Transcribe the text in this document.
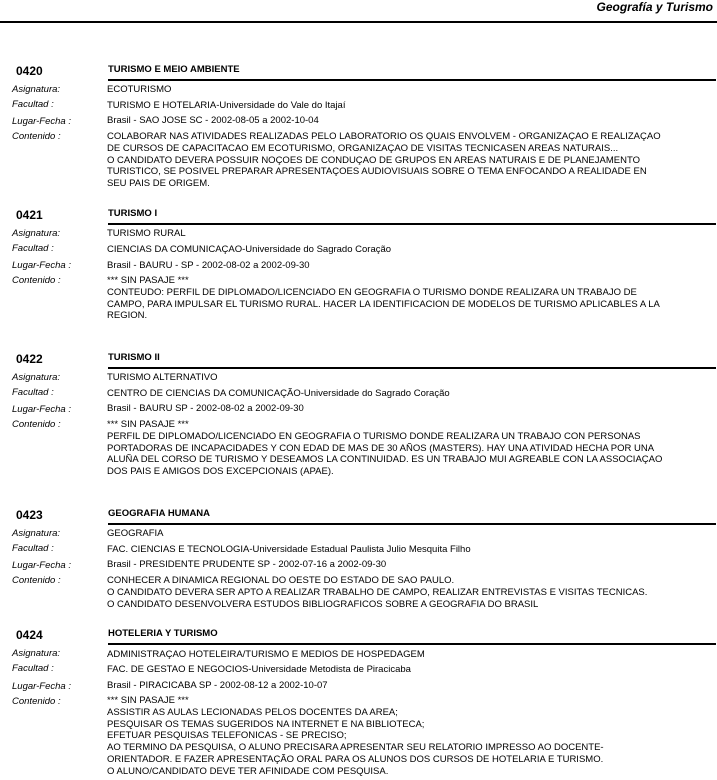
Geografía y Turismo
0420	TURISMO E MEIO AMBIENTE
Asignatura:	ECOTURISMO
Facultad :	TURISMO E HOTELARIA-Universidade do Vale do Itajaí
Lugar-Fecha :	Brasil - SAO JOSE SC - 2002-08-05 a 2002-10-04
Contenido :	COLABORAR NAS ATIVIDADES REALIZADAS PELO LABORATORIO OS QUAIS ENVOLVEM - ORGANIZAÇAO E REALIZAÇAO
DE CURSOS DE CAPACITACAO EM ECOTURISMO, ORGANIZAÇAO DE VISITAS TECNICASEN AREAS NATURAIS...
O CANDIDATO DEVERA POSSUIR NOÇOES DE CONDUÇAO DE GRUPOS EN AREAS NATURAIS E DE PLANEJAMENTO
TURISTICO, SE POSIVEL PREPARAR APRESENTAÇOES AUDIOVISUAIS SOBRE O TEMA ENFOCANDO A REALIDADE EN
SEU PAIS DE ORIGEM.
0421	TURISMO I
Asignatura:	TURISMO RURAL
Facultad :	CIENCIAS DA COMUNICAÇAO-Universidade do Sagrado Coração
Lugar-Fecha :	Brasil - BAURU - SP - 2002-08-02 a 2002-09-30
Contenido :	*** SIN PASAJE ***
CONTEUDO: PERFIL DE DIPLOMADO/LICENCIADO EN GEOGRAFIA O TURISMO DONDE REALIZARA UN TRABAJO DE
CAMPO, PARA IMPULSAR EL TURISMO RURAL. HACER LA IDENTIFICACION DE MODELOS DE TURISMO APLICABLES A LA
REGION.
0422	TURISMO II
Asignatura:	TURISMO ALTERNATIVO
Facultad :	CENTRO DE CIENCIAS DA COMUNICAÇÃO-Universidade do Sagrado Coração
Lugar-Fecha :	Brasil - BAURU SP - 2002-08-02 a 2002-09-30
Contenido :	*** SIN PASAJE ***
PERFIL DE DIPLOMADO/LICENCIADO EN GEOGRAFIA O TURISMO DONDE REALIZARA UN TRABAJO CON PERSONAS
PORTADORAS DE INCAPACIDADES Y CON EDAD DE MAS DE 30 AÑOS (MASTERS). HAY UNA ATIVIDAD HECHA POR UNA
ALUÑA DEL CORSO DE TURISMO Y DESEAMOS LA CONTINUIDAD. ES UN TRABAJO MUI AGREABLE CON LA ASSOCIAÇAO
DOS PAIS E AMIGOS DOS EXCEPCIONAIS (APAE).
0423	GEOGRAFIA HUMANA
Asignatura:	GEOGRAFIA
Facultad :	FAC. CIENCIAS E TECNOLOGIA-Universidade Estadual Paulista Julio Mesquita Filho
Lugar-Fecha :	Brasil - PRESIDENTE PRUDENTE SP - 2002-07-16 a 2002-09-30
Contenido :	CONHECER A DINAMICA REGIONAL DO OESTE DO ESTADO DE SAO PAULO.
O CANDIDATO DEVERA SER APTO A REALIZAR TRABALHO DE CAMPO, REALIZAR ENTREVISTAS E VISITAS TECNICAS.
O CANDIDATO DESENVOLVERA ESTUDOS BIBLIOGRAFICOS SOBRE A GEOGRAFIA DO BRASIL
0424	HOTELERIA Y TURISMO
Asignatura:	ADMINISTRAÇAO HOTELEIRA/TURISMO E MEDIOS DE HOSPEDAGEM
Facultad :	FAC. DE GESTAO E NEGOCIOS-Universidade Metodista de Piracicaba
Lugar-Fecha :	Brasil - PIRACICABA SP - 2002-08-12 a 2002-10-07
Contenido :	*** SIN PASAJE ***
ASSISTIR AS AULAS LECIONADAS PELOS DOCENTES DA AREA;
PESQUISAR OS TEMAS SUGERIDOS NA INTERNET E NA BIBLIOTECA;
EFETUAR PESQUISAS TELEFONICAS - SE PRECISO;
AO TERMINO DA PESQUISA, O ALUNO PRECISARA APRESENTAR SEU RELATORIO IMPRESSO AO DOCENTE-
ORIENTADOR. E FAZER APRESENTAÇÃO ORAL PARA OS ALUNOS DOS CURSOS DE HOTELARIA E TURISMO.
O ALUNO/CANDIDATO DEVE TER AFINIDADE COM PESQUISA.
